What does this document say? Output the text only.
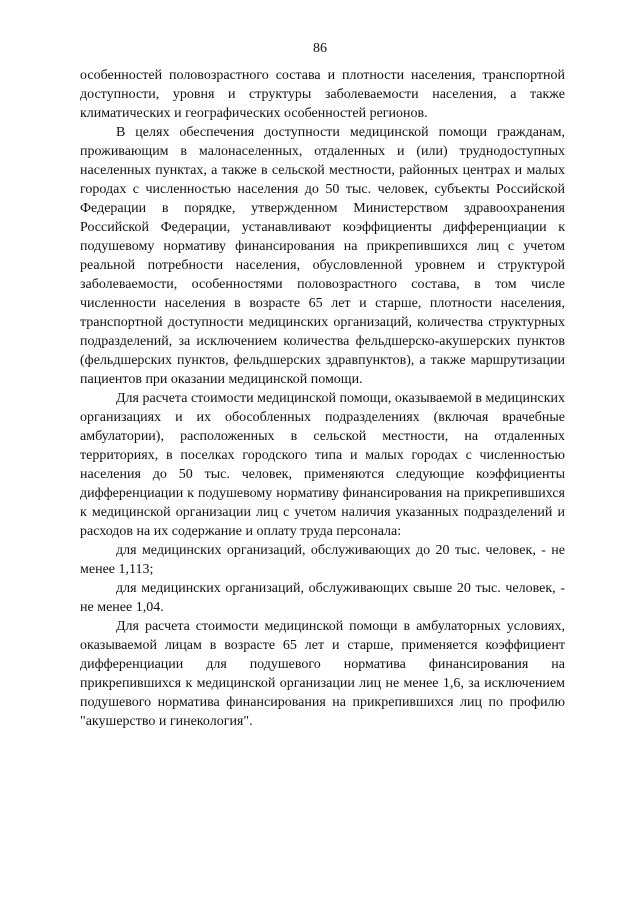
86

особенностей половозрастного состава и плотности населения, транспортной доступности, уровня и структуры заболеваемости населения, а также климатических и географических особенностей регионов.

В целях обеспечения доступности медицинской помощи гражданам, проживающим в малонаселенных, отдаленных и (или) труднодоступных населенных пунктах, а также в сельской местности, районных центрах и малых городах с численностью населения до 50 тыс. человек, субъекты Российской Федерации в порядке, утвержденном Министерством здравоохранения Российской Федерации, устанавливают коэффициенты дифференциации к подушевому нормативу финансирования на прикрепившихся лиц с учетом реальной потребности населения, обусловленной уровнем и структурой заболеваемости, особенностями половозрастного состава, в том числе численности населения в возрасте 65 лет и старше, плотности населения, транспортной доступности медицинских организаций, количества структурных подразделений, за исключением количества фельдшерско-акушерских пунктов (фельдшерских пунктов, фельдшерских здравпунктов), а также маршрутизации пациентов при оказании медицинской помощи.

Для расчета стоимости медицинской помощи, оказываемой в медицинских организациях и их обособленных подразделениях (включая врачебные амбулатории), расположенных в сельской местности, на отдаленных территориях, в поселках городского типа и малых городах с численностью населения до 50 тыс. человек, применяются следующие коэффициенты дифференциации к подушевому нормативу финансирования на прикрепившихся к медицинской организации лиц с учетом наличия указанных подразделений и расходов на их содержание и оплату труда персонала:

для медицинских организаций, обслуживающих до 20 тыс. человек, - не менее 1,113;

для медицинских организаций, обслуживающих свыше 20 тыс. человек, - не менее 1,04.

Для расчета стоимости медицинской помощи в амбулаторных условиях, оказываемой лицам в возрасте 65 лет и старше, применяется коэффициент дифференциации для подушевого норматива финансирования на прикрепившихся к медицинской организации лиц не менее 1,6, за исключением подушевого норматива финансирования на прикрепившихся лиц по профилю "акушерство и гинекология".
